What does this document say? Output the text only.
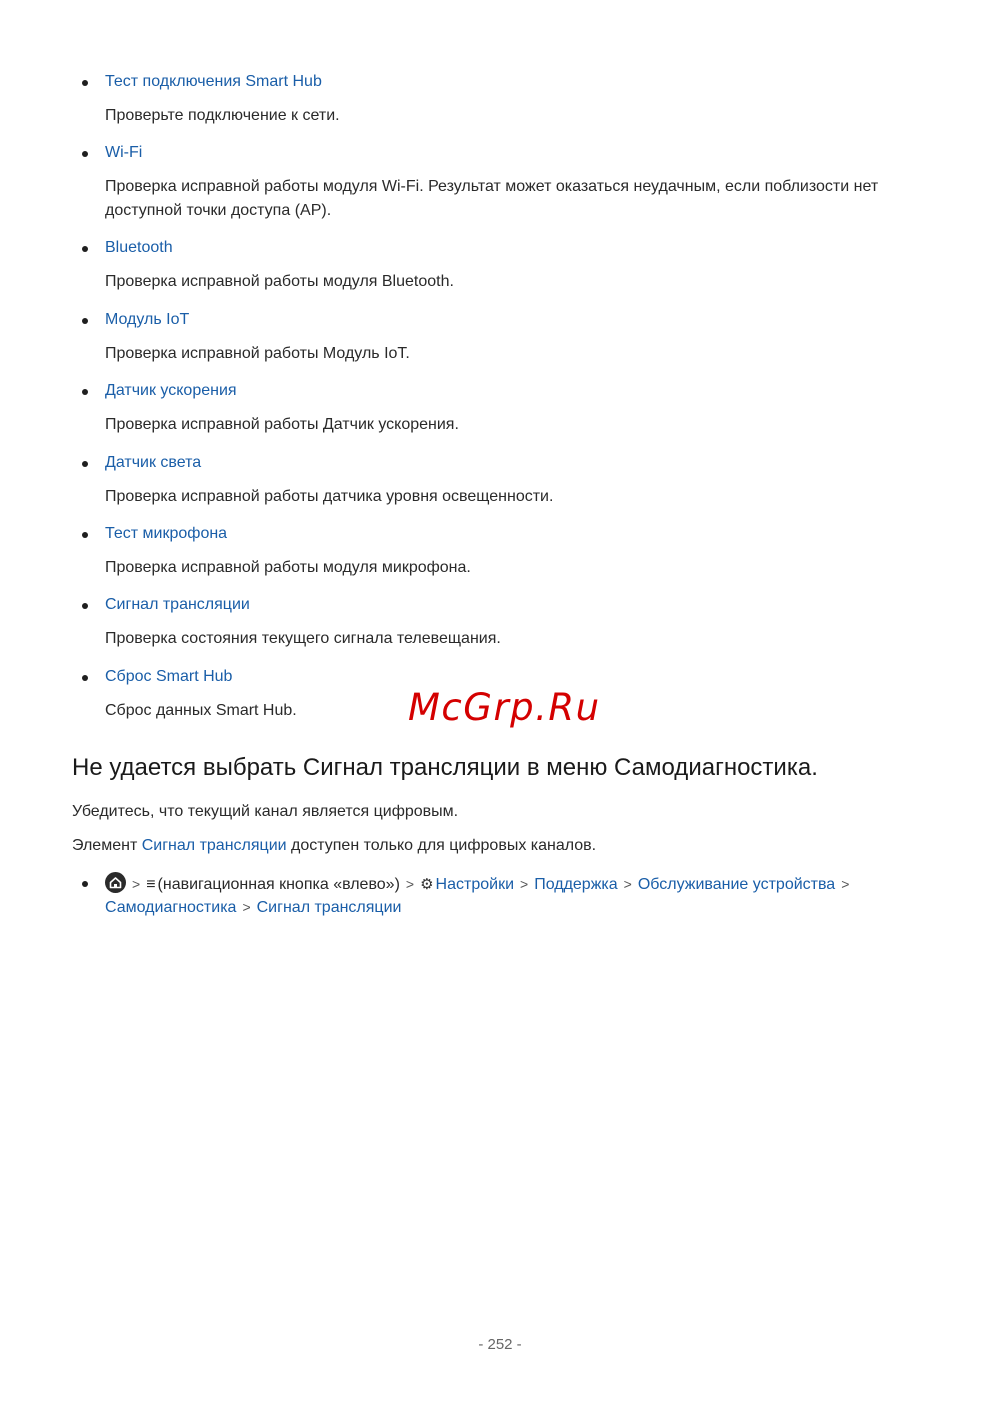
Тест подключения Smart Hub
Проверьте подключение к сети.
Wi-Fi
Проверка исправной работы модуля Wi-Fi. Результат может оказаться неудачным, если поблизости нет доступной точки доступа (AP).
Bluetooth
Проверка исправной работы модуля Bluetooth.
Модуль IoT
Проверка исправной работы Модуль IoT.
Датчик ускорения
Проверка исправной работы Датчик ускорения.
Датчик света
Проверка исправной работы датчика уровня освещенности.
Тест микрофона
Проверка исправной работы модуля микрофона.
Сигнал трансляции
Проверка состояния текущего сигнала телевещания.
Сброс Smart Hub
Сброс данных Smart Hub.	McGrp.Ru
Не удается выбрать Сигнал трансляции в меню Самодиагностика.
Убедитесь, что текущий канал является цифровым.
Элемент Сигнал трансляции доступен только для цифровых каналов.
> ≡ (навигационная кнопка «влево») > ⚙ Настройки > Поддержка > Обслуживание устройства >
Самодиагностика > Сигнал трансляции
- 252 -
